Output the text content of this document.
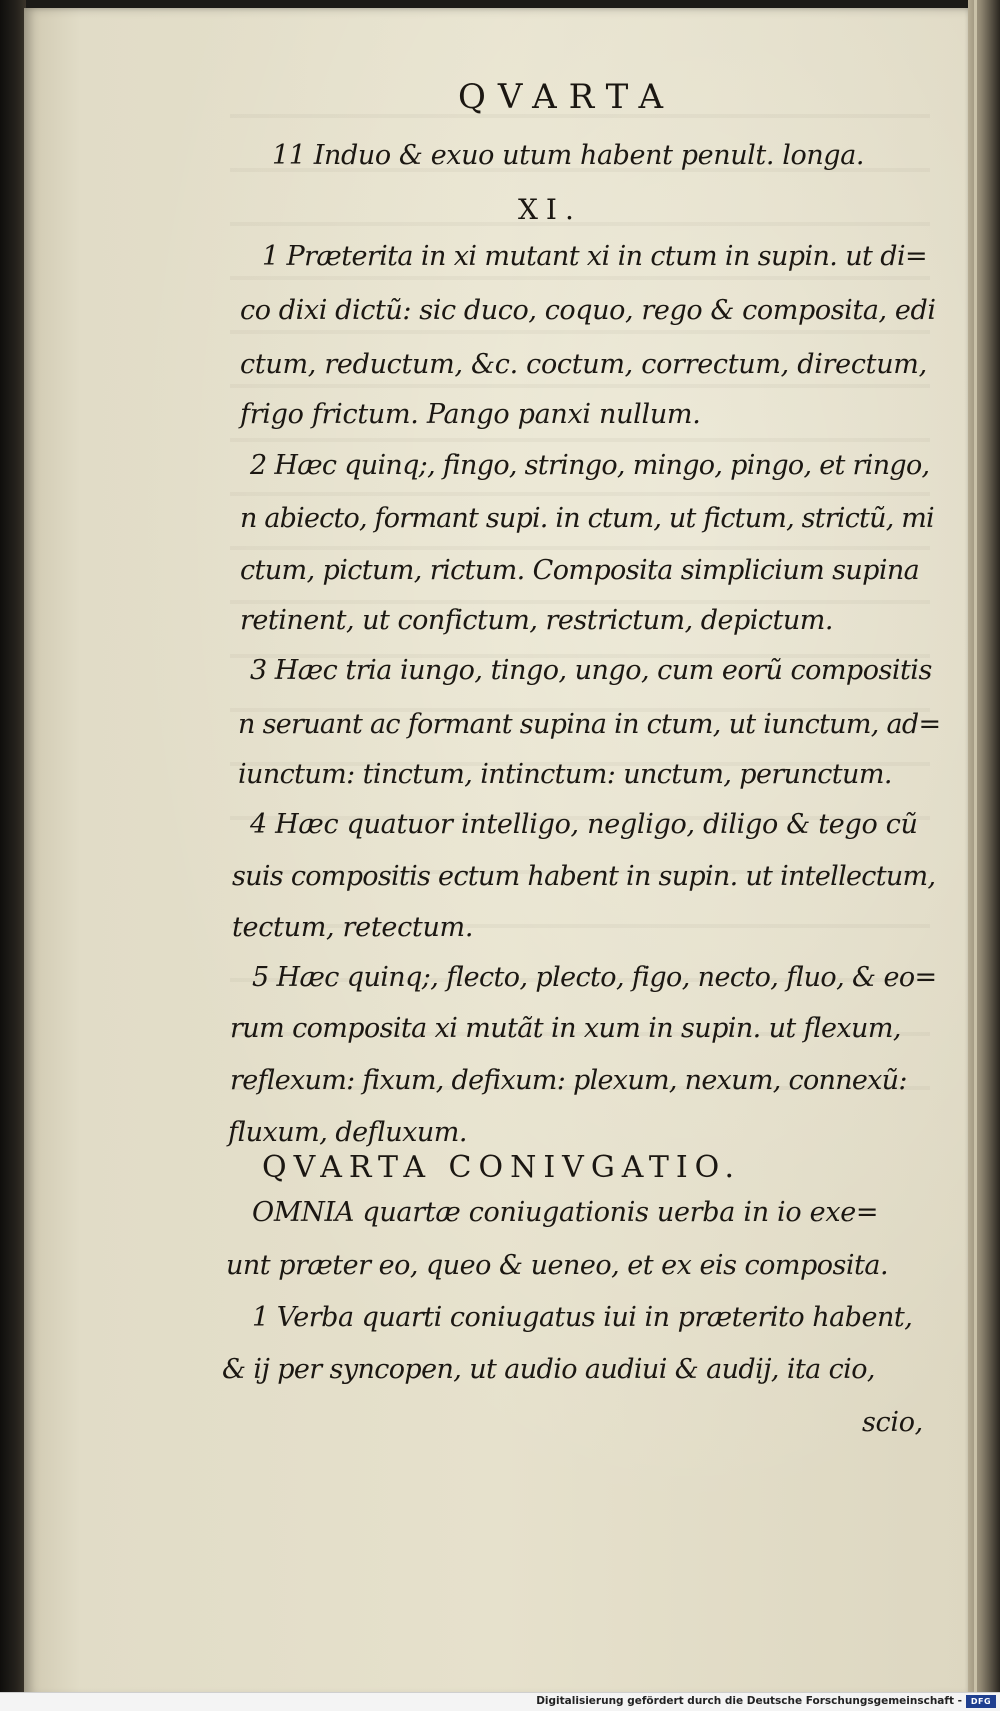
QVARTA
11 Induo & exuo utum habent penult. longa.
XI.
1 Præterita in xi mutant xi in ctum in supin. ut di=
co dixi dictũ: sic duco, coquo, rego & composita, edi
ctum, reductum, &c. coctum, correctum, directum,
frigo frictum. Pango panxi nullum.
2 Hæc quinq;, fingo, stringo, mingo, pingo, et ringo,
n abiecto, formant supi. in ctum, ut fictum, strictũ, mi
ctum, pictum, rictum. Composita simplicium supina
retinent, ut confictum, restrictum, depictum.
3 Hæc tria iungo, tingo, ungo, cum eorũ compositis
n seruant ac formant supina in ctum, ut iunctum, ad=
iunctum: tinctum, intinctum: unctum, perunctum.
4 Hæc quatuor intelligo, negligo, diligo & tego cũ
suis compositis ectum habent in supin. ut intellectum,
tectum, retectum.
5 Hæc quinq;, flecto, plecto, figo, necto, fluo, & eo=
rum composita xi mutãt in xum in supin. ut flexum,
reflexum: fixum, defixum: plexum, nexum, connexũ:
fluxum, defluxum.
QVARTA CONIVGATIO.
OMNIA quartæ coniugationis uerba in io exe=
unt præter eo, queo & ueneo, et ex eis composita.
1 Verba quarti coniugatus iui in præterito habent,
& ij per syncopen, ut audio audiui & audij, ita cio,
scio,
Digitalisierung gefördert durch die Deutsche Forschungsgemeinschaft -	DFG
